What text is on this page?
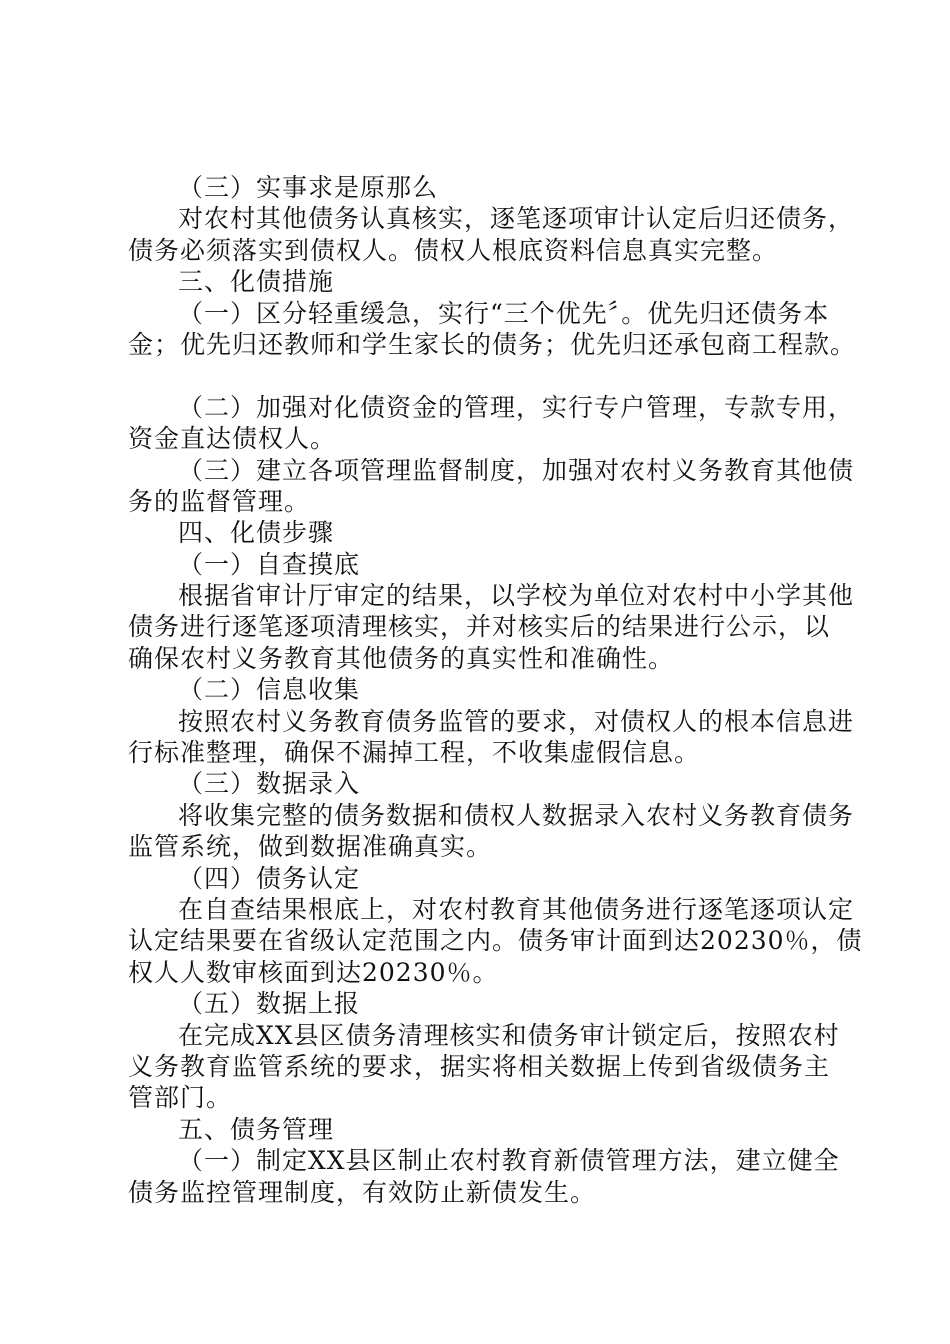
（三）实事求是原那么
对农村其他债务认真核实，逐笔逐项审计认定后归还债务，
债务必须落实到债权人。债权人根底资料信息真实完整。
三、化债措施
（一）区分轻重缓急，实行“三个优先〞。优先归还债务本
金；优先归还教师和学生家长的债务；优先归还承包商工程款。
（二）加强对化债资金的管理，实行专户管理，专款专用，
资金直达债权人。
（三）建立各项管理监督制度，加强对农村义务教育其他债
务的监督管理。
四、化债步骤
（一）自查摸底
根据省审计厅审定的结果，以学校为单位对农村中小学其他
债务进行逐笔逐项清理核实，并对核实后的结果进行公示，以
确保农村义务教育其他债务的真实性和准确性。
（二）信息收集
按照农村义务教育债务监管的要求，对债权人的根本信息进
行标准整理，确保不漏掉工程，不收集虚假信息。
（三）数据录入
将收集完整的债务数据和债权人数据录入农村义务教育债务
监管系统，做到数据准确真实。
（四）债务认定
在自查结果根底上，对农村教育其他债务进行逐笔逐项认定
认定结果要在省级认定范围之内。债务审计面到达20230％，债
权人人数审核面到达20230％。
（五）数据上报
在完成XX县区债务清理核实和债务审计锁定后，按照农村
义务教育监管系统的要求，据实将相关数据上传到省级债务主
管部门。
五、债务管理
（一）制定XX县区制止农村教育新债管理方法，建立健全
债务监控管理制度，有效防止新债发生。
